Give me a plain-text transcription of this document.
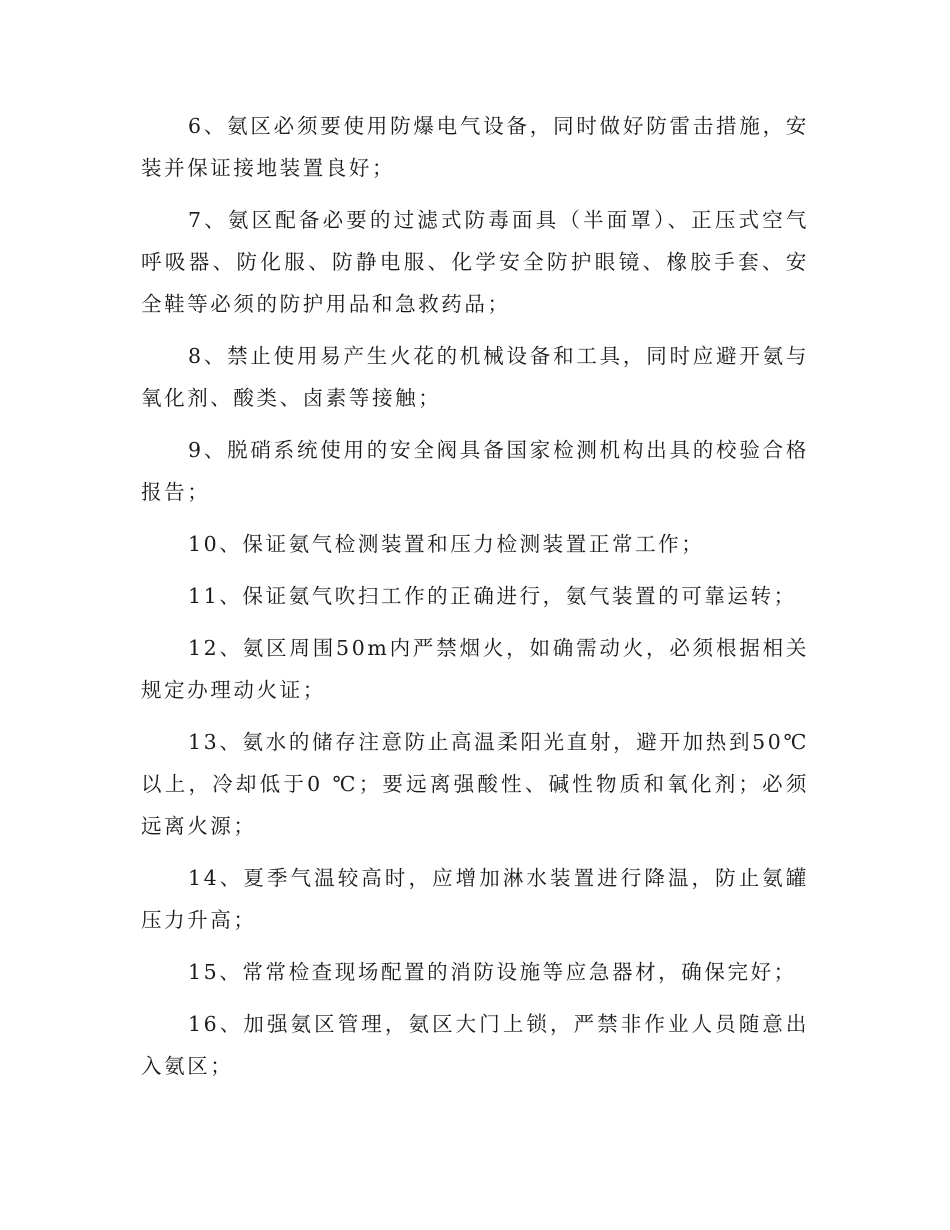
6、氨区必须要使用防爆电气设备，同时做好防雷击措施，安装并保证接地装置良好；

7、氨区配备必要的过滤式防毒面具（半面罩）、正压式空气呼吸器、防化服、防静电服、化学安全防护眼镜、橡胶手套、安全鞋等必须的防护用品和急救药品；

8、禁止使用易产生火花的机械设备和工具，同时应避开氨与氧化剂、酸类、卤素等接触；

9、脱硝系统使用的安全阀具备国家检测机构出具的校验合格报告；

10、保证氨气检测装置和压力检测装置正常工作；

11、保证氨气吹扫工作的正确进行，氨气装置的可靠运转；

12、氨区周围50m内严禁烟火，如确需动火，必须根据相关规定办理动火证；

13、氨水的储存注意防止高温柔阳光直射，避开加热到50℃以上，冷却低于0 ℃；要远离强酸性、碱性物质和氧化剂；必须远离火源；

14、夏季气温较高时，应增加淋水装置进行降温，防止氨罐压力升高；

15、常常检查现场配置的消防设施等应急器材，确保完好；

16、加强氨区管理，氨区大门上锁，严禁非作业人员随意出入氨区；
